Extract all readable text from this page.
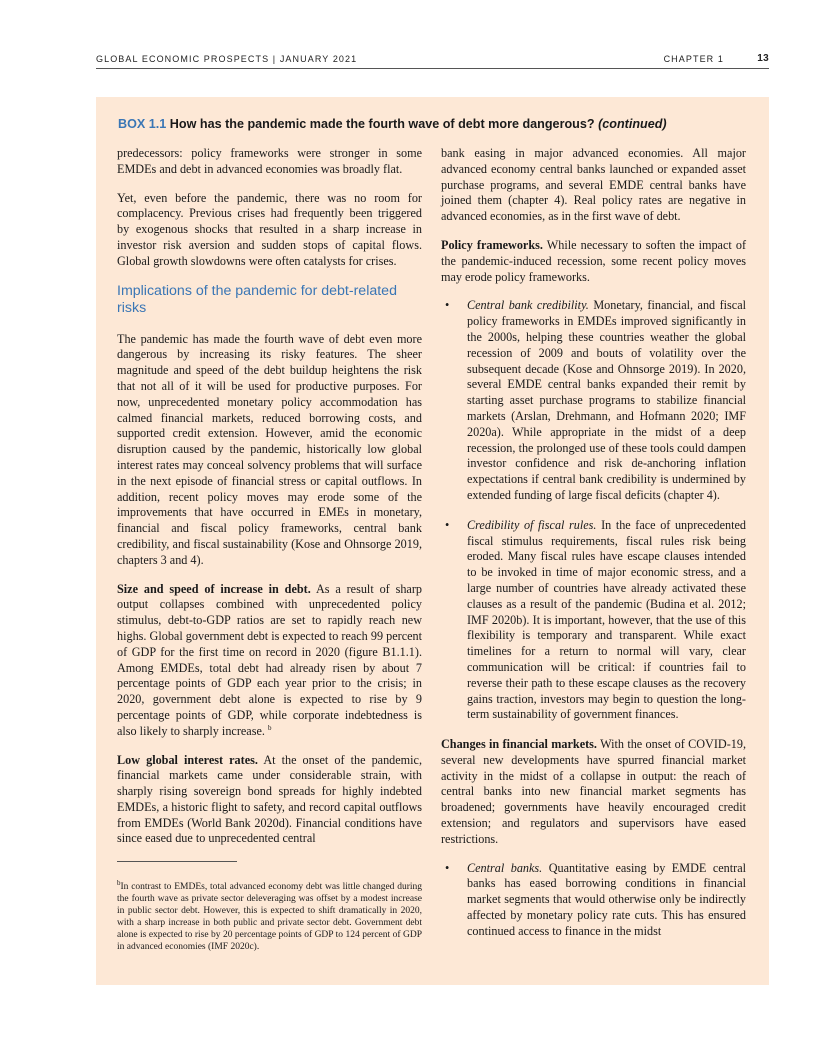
GLOBAL ECONOMIC PROSPECTS | JANUARY 2021	CHAPTER 1	13
BOX 1.1 How has the pandemic made the fourth wave of debt more dangerous? (continued)

predecessors: policy frameworks were stronger in some EMDEs and debt in advanced economies was broadly flat.

Yet, even before the pandemic, there was no room for complacency. Previous crises had frequently been triggered by exogenous shocks that resulted in a sharp increase in investor risk aversion and sudden stops of capital flows. Global growth slowdowns were often catalysts for crises.

Implications of the pandemic for debt-related risks

The pandemic has made the fourth wave of debt even more dangerous by increasing its risky features. The sheer magnitude and speed of the debt buildup heightens the risk that not all of it will be used for productive purposes. For now, unprecedented monetary policy accommodation has calmed financial markets, reduced borrowing costs, and supported credit extension. However, amid the economic disruption caused by the pandemic, historically low global interest rates may conceal solvency problems that will surface in the next episode of financial stress or capital outflows. In addition, recent policy moves may erode some of the improvements that have occurred in EMEs in monetary, financial and fiscal policy frameworks, central bank credibility, and fiscal sustainability (Kose and Ohnsorge 2019, chapters 3 and 4).

Size and speed of increase in debt. As a result of sharp output collapses combined with unprecedented policy stimulus, debt-to-GDP ratios are set to rapidly reach new highs. Global government debt is expected to reach 99 percent of GDP for the first time on record in 2020 (figure B1.1.1). Among EMDEs, total debt had already risen by about 7 percentage points of GDP each year prior to the crisis; in 2020, government debt alone is expected to rise by 9 percentage points of GDP, while corporate indebtedness is also likely to sharply increase. $^b$

Low global interest rates. At the onset of the pandemic, financial markets came under considerable strain, with sharply rising sovereign bond spreads for highly indebted EMDEs, a historic flight to safety, and record capital outflows from EMDEs (World Bank 2020d). Financial conditions have since eased due to unprecedented central

$^b$In contrast to EMDEs, total advanced economy debt was little changed during the fourth wave as private sector deleveraging was offset by a modest increase in public sector debt. However, this is expected to shift dramatically in 2020, with a sharp increase in both public and private sector debt. Government debt alone is expected to rise by 20 percentage points of GDP to 124 percent of GDP in advanced economies (IMF 2020c).

bank easing in major advanced economies. All major advanced economy central banks launched or expanded asset purchase programs, and several EMDE central banks have joined them (chapter 4). Real policy rates are negative in advanced economies, as in the first wave of debt.

Policy frameworks. While necessary to soften the impact of the pandemic-induced recession, some recent policy moves may erode policy frameworks.

• Central bank credibility. Monetary, financial, and fiscal policy frameworks in EMDEs improved significantly in the 2000s, helping these countries weather the global recession of 2009 and bouts of volatility over the subsequent decade (Kose and Ohnsorge 2019). In 2020, several EMDE central banks expanded their remit by starting asset purchase programs to stabilize financial markets (Arslan, Drehmann, and Hofmann 2020; IMF 2020a). While appropriate in the midst of a deep recession, the prolonged use of these tools could dampen investor confidence and risk de-anchoring inflation expectations if central bank credibility is undermined by extended funding of large fiscal deficits (chapter 4).
• Credibility of fiscal rules. In the face of unprecedented fiscal stimulus requirements, fiscal rules risk being eroded. Many fiscal rules have escape clauses intended to be invoked in time of major economic stress, and a large number of countries have already activated these clauses as a result of the pandemic (Budina et al. 2012; IMF 2020b). It is important, however, that the use of this flexibility is temporary and transparent. While exact timelines for a return to normal will vary, clear communication will be critical: if countries fail to reverse their path to these escape clauses as the recovery gains traction, investors may begin to question the long-term sustainability of government finances.

Changes in financial markets. With the onset of COVID-19, several new developments have spurred financial market activity in the midst of a collapse in output: the reach of central banks into new financial market segments has broadened; governments have heavily encouraged credit extension; and regulators and supervisors have eased restrictions.

• Central banks. Quantitative easing by EMDE central banks has eased borrowing conditions in financial market segments that would otherwise only be indirectly affected by monetary policy rate cuts. This has ensured continued access to finance in the midst
